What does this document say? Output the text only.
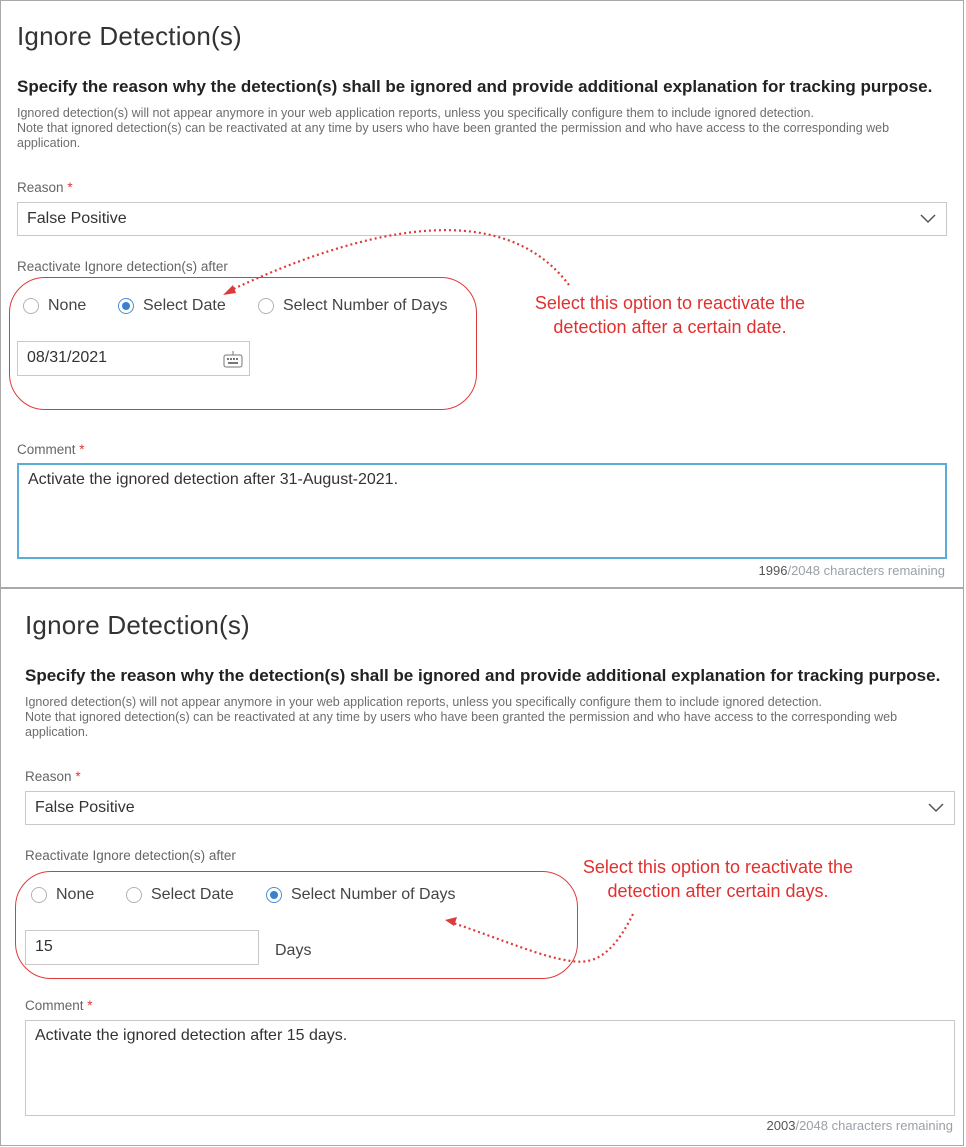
Ignore Detection(s)
Specify the reason why the detection(s) shall be ignored and provide additional explanation for tracking purpose.
Ignored detection(s) will not appear anymore in your web application reports, unless you specifically configure them to include ignored detection.
Note that ignored detection(s) can be reactivated at any time by users who have been granted the permission and who have access to the corresponding web application.
Reason *
False Positive
Reactivate Ignore detection(s) after
None	Select Date	Select Number of Days
08/31/2021
Comment *
Activate the ignored detection after 31-August-2021.
1996/2048 characters remaining
Select this option to reactivate the detection after a certain date.
Ignore Detection(s)
Specify the reason why the detection(s) shall be ignored and provide additional explanation for tracking purpose.
Ignored detection(s) will not appear anymore in your web application reports, unless you specifically configure them to include ignored detection.
Note that ignored detection(s) can be reactivated at any time by users who have been granted the permission and who have access to the corresponding web application.
Reason *
False Positive
Reactivate Ignore detection(s) after
None	Select Date	Select Number of Days
15	Days
Comment *
Activate the ignored detection after 15 days.
2003/2048 characters remaining
Select this option to reactivate the detection after certain days.
